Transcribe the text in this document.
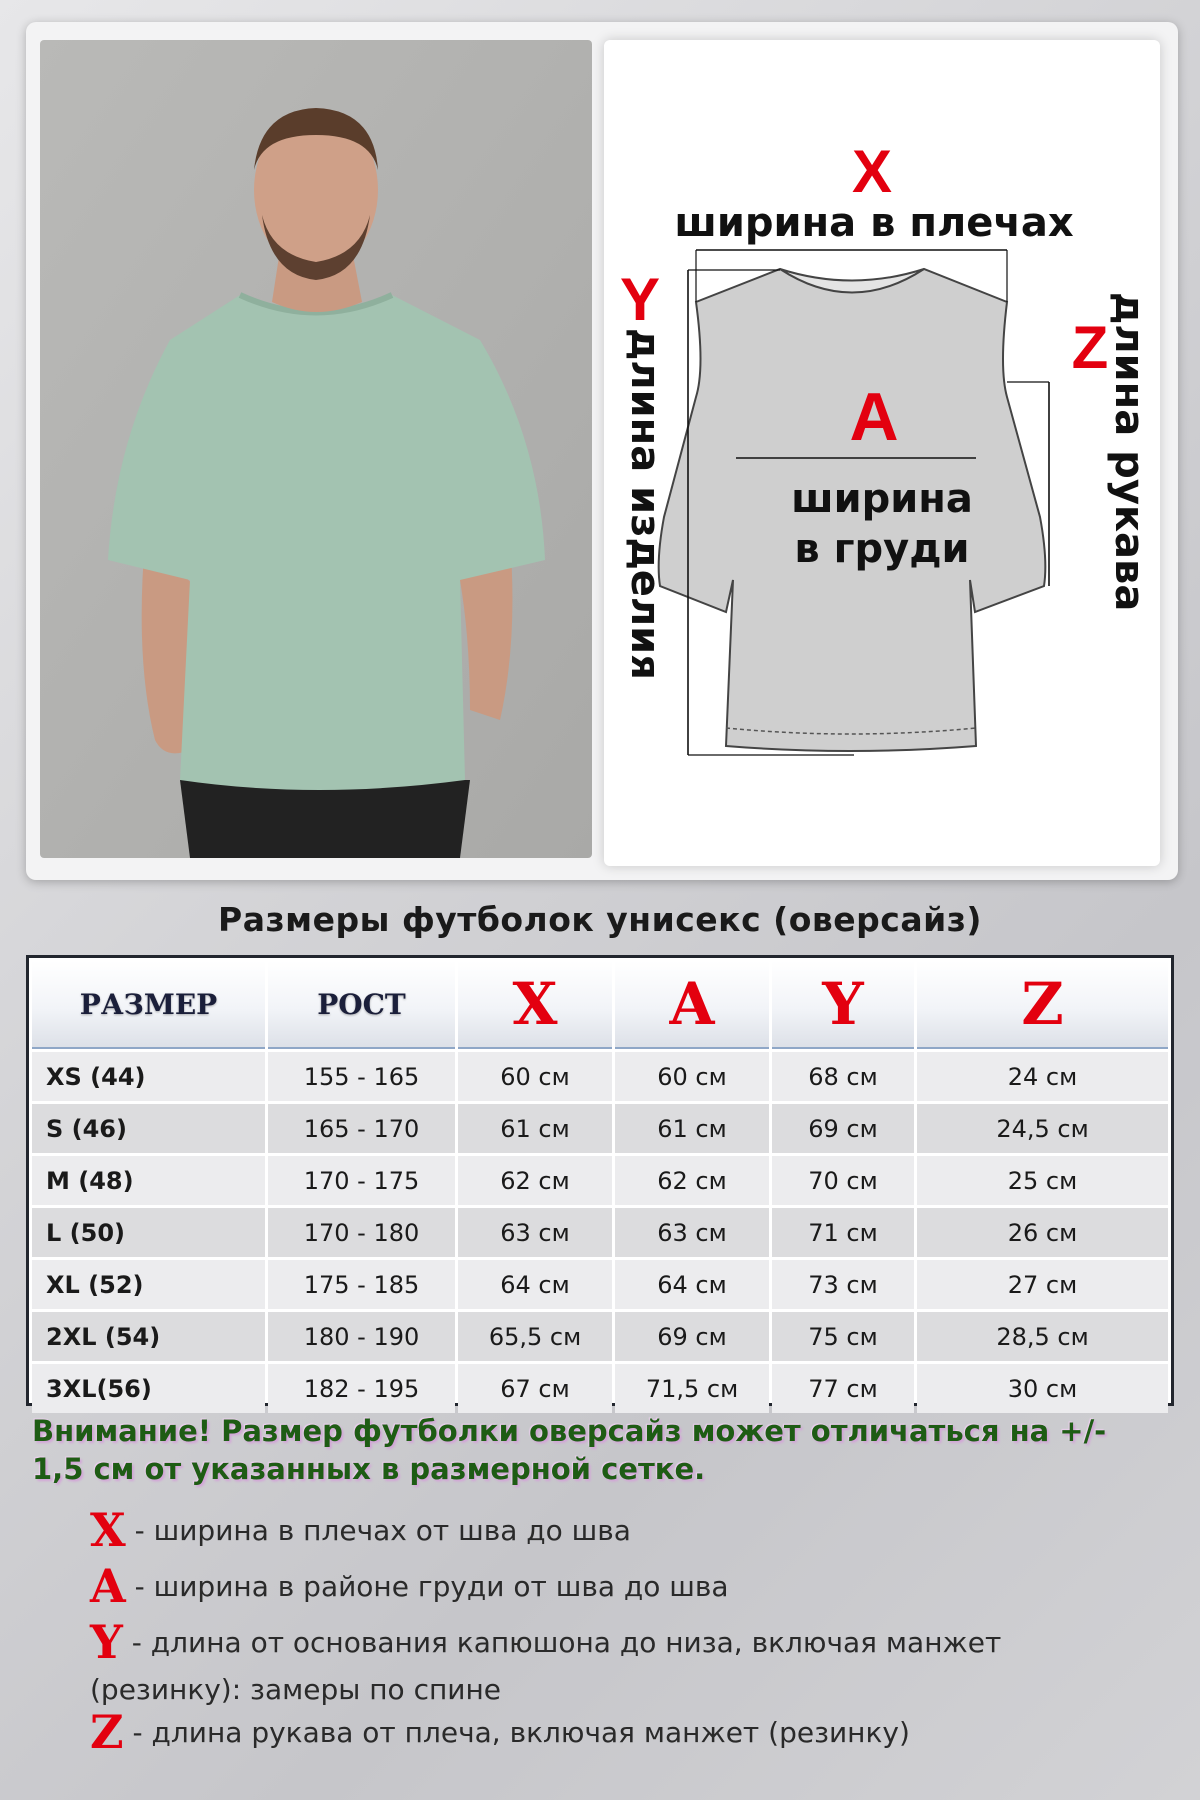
X
ширина в плечах
Y
длина изделия	Z
длина рукава
A
ширина
в груди
Размеры футболок унисекс (оверсайз)
РАЗМЕР	РОСТ	X	A	Y	Z
XS (44)	155 - 165	60 см	60 см	68 см	24 см
S (46)	165 - 170	61 см	61 см	69 см	24,5 см
M (48)	170 - 175	62 см	62 см	70 см	25 см
L (50)	170 - 180	63 см	63 см	71 см	26 см
XL (52)	175 - 185	64 см	64 см	73 см	27 см
2XL (54)	180 - 190	65,5 см	69 см	75 см	28,5 см
3XL(56)	182 - 195	67 см	71,5 см	77 см	30 см
Внимание! Размер футболки оверсайз может отличаться на +/-
1,5 см от указанных в размерной сетке.
X - ширина в плечах от шва до шва
A - ширина в районе груди от шва до шва
Y - длина от основания капюшона до низа, включая манжет
(резинку): замеры по спине
Z - длина рукава от плеча, включая манжет (резинку)
